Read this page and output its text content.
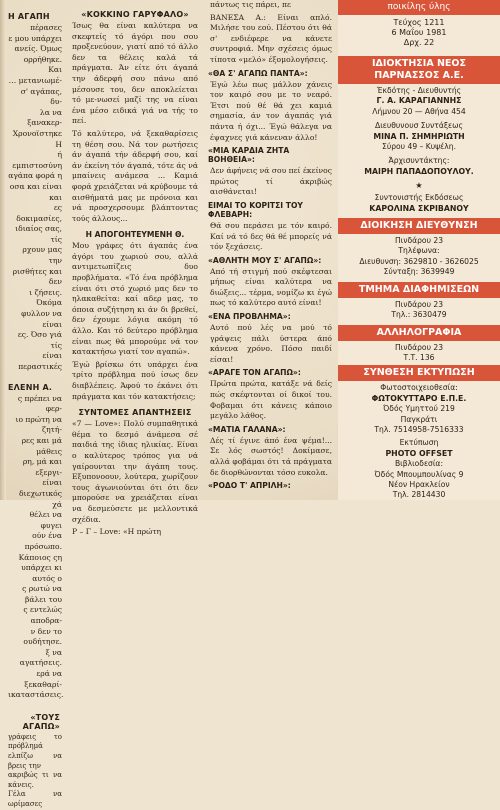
Η ΑΓΑΠΗ
πέρασες
ε μου υπάρχει
ανείς. Όμως
ορρήθηκε. Και
… μετανιωμέ-
σ' αγάπας, δυ-
λα να ξανακερ-
Χρονοϊστηκε Η
ή εμπιστοσύνη
αγάπα φορά η
οσα και είναι και
ες δοκιμασίες,
ιδιαίος σας, τίς
ρχουν μας την
ρισθήτες και δεν
ι ζήσεις. Όκόμα
φυλλον να είναι
ες. Όσο γιά τίς
είναι περαστικές
ΕΛΕΝΗ Α.
ς πρέπει να φερ-
ιο πρώτη να ζητή-
ρες και μά μάθεις
ρη, μά και εξεργι-
είναι διεχωτικός χά
θέλει να φυγει
ούν ένα πρόσωπο.
Κάποιος ςη
υπάρχει κι αυτός ο
ς ρωτώ να βάλει του
ς εντελώς αποδρα-
ν δεν το ουδήτησε.
ξ να αγατήσεις.
ερά να ξεκαθαρί-
ικαταστάσεις.
«ΤΟΥΣ ΑΓΑΠΩ»
γράφεις το πρόβλημά
ελπίζω να βρεις την
ακριβώς τι να κάνεις.
Γέλα να ωρίμασες
«ΚΟΚΚΙΝΟ ΓΑΡΥΦΑΛΟ»

Ίσως θα είναι καλύτερα να σκεφτείς τό άγόρι που σου προξενεύουν, γιατί από τό άλλο δεν τα θέλεις καλά τά πράγματα. Άν είτε ότι άγαπά την άδερφή σου πάνω από μέσουσε του, δεν αποκλείεται τό με-νωσεί μαζί της να είναι ένα μέσο ειδικά γιά να τής το πεί.

Τό καλύτερο, νά ξεκαθαρίσεις τη θέση σου. Νά τον ρωτήσεις άν άγαπά τήν άδερφή σου, καί άν έκείνη τόν άγαπά, τότε άς νά μπαίνεις ανάμεσα ... Καμιά φορά χρειάζεται νά κρύβουμε τά αισθήματά μας με πρόνοια και νά προσχερσουμε βλάπτοντας τούς άλλους...

Η ΑΠΟΓΟΗΤΕΥΜΕΝΗ Θ.

Μου γράφες ότι άγαπάς ένα άγόρι του χωριού σου, αλλά αντιμετωπίζεις δυο προβλήματα. «Τό ένα πρόβλημα είναι ότι στό χωριό μας δεν το ηλακαθείτα: καί αδερ μας, το όποια συζήτηση κι άν δι βρεθεί, δεν έχουμε λόγια ακόμη τό άλλο. Και τό δεύτερο πρόβλημα είναι πως θά μπορούμε νά τον κατακτήσω γιατί τον αγαπώ».

Έγώ βρίσκω ότι υπάρχει ένα τρίτο πρόβλημα πού ίσως δεν διαβλέπεις. Άφού το έκάνει ότι πράγματα και τόν κατακτήσεις;

ΣΥΝΤΟΜΕΣ ΑΠΑΝΤΗΣΕΙΣ

«7 — Love»: Πολύ συμπαθητικά θέμα το δεσμό άνάμεσα σέ παιδιά της ίδιας ηλικίας. Είναι ο καλύτερος τρόπος για νά γαίρουνται την άγάπη τους. Εξυπονοουν, λούτερα, χωρίζουν τους άγωνιούνται ότι ότι δεν μπορούσε να χρειάζεται είναι να δεσμεύσετε με μελλοντικά σχέδια.

Ρ – Γ – Love: «Η πρώτη

πάντως τις πάρει, πε

ΒΑΝΕΣΑ Α.: Είναι απλό. Μιλήσε του εού. Πέστου ότι θά σ' ενδιέφερε να κάνετε συντροφιά. Μην σχέσεις όμως τίποτα «μελό» έξομολογήσεις.

«ΘΑ Σ' ΑΓΑΠΩ ΠΑΝΤΑ»:

Έγώ λέω πως μάλλον χάνεις τον καιρό σου με το νεαρό. Έτσι πού θέ θά χει καμιά σημασία, άν τον άγαπάς γιά πάντα ή όχι... Έγώ θάλεγα να έψαχνες γιά κάνεναν άλλο!

«ΜΙΑ ΚΑΡΔΙΑ ΖΗΤΑ ΒΟΗΘΕΙΑ»:

Δεν άφήνεις νά σου πεί έκείνος πρώτος τί άκριβώς αισθάνεται!

ΕΙΜΑΙ ΤΟ ΚΟΡΙΤΣΙ ΤΟΥ ΦΛΕΒΑΡΗ:

Θά σου περάσει με τόν καιρό. Καί νά τό δες θά θέ μπορείς νά τόν ξεχάσεις.

«ΑΘΛΗΤΗ ΜΟΥ Σ' ΑΓΑΠΩ»:

Από τή στιγμή πού σκέφτεσαι μήπως είναι καλύτερα να διώξεις... τέρμα, νομίζω κι έγώ πως τό καλύτερο αυτό είναι!

«ΕΝΑ ΠΡΟΒΛΗΜΑ»:

Αυτό πού λές να μού τό γράψεις πάλι ύστερα άπό κάνενα χρόνο. Πόσο παιδί είσαι!

«ΑΡΑΓΕ ΤΟΝ ΑΓΑΠΩ»:

Πρώτα πρώτα, κατάξε νά δείς πώς σκέφτονται οί δικοί του. Φοβαμαι ότι κάνεις κάποιο μεγάλο λάθος.

«ΜΑΤΙΑ ΓΑΛΑΝΑ»:

Δές τί έγινε άπό ένα ψέμα!... Σε λός σωστός! Δοκίμασε, αλλά φοβάμαι ότι τά πράγματα δε διορθώνονται τόσο ευκολα.

«ΡΟΔΟ Τ' ΑΠΡΙΛΗ»:
ποικίλης ύλης
Τεύχος 1211
6 Μαΐου 1981
Δρχ. 22
ΙΔΙΟΚΤΗΣΙΑ ΝΕΟΣ ΠΑΡΝΑΣΣΟΣ Α.Ε.
Έκδότης - Διευθυντής
Γ. Α. ΚΑΡΑΓΙΑΝΝΗΣ
Λήμνου 20 — Αθήνα 454
Διευθυνουσ Συντάξεως
ΜΙΝΑ Π. ΣΗΜΗΡΙΩΤΗ
Σύρου 49 – Κυψέλη.
Άρχισυντάκτης:
ΜΑΙΡΗ ΠΑΠΑΔΟΠΟΥΛΟΥ.
★
Συντονιστής Εκδόσεως
ΚΑΡΟΛΙΝΑ ΣΚΡΙΒΑΝΟΥ
ΔΙΟΙΚΗΣΗ ΔΙΕΥΘΥΝΣΗ
Πινδάρου 23
Τηλέφωνα:
Διευθυνση: 3629810 - 3626025
Σύνταξη: 3639949
ΤΜΗΜΑ ΔΙΑΦΗΜΙΣΕΩΝ
Πινδάρου 23
Τηλ.: 3630479
ΑΛΛΗΛΟΓΡΑΦΙΑ
Πινδάρου 23
Τ.Τ. 136
ΣΥΝΘΕΣΗ ΕΚΤΥΠΩΣΗ
Φωτοστοιχειοθεσία:
ΦΩΤΟΚΥΤΤΑΡΟ Ε.Π.Ε.
Όδός Υμηττού 219
Παγκράτι
Τηλ. 7514958-7516333
Εκτύπωση
PHOTO OFFSET
Βιβλιοδεσία:
Όδός Μπουμπουλίνας 9
Νέον Ηρακλείον
Τηλ. 2814430
